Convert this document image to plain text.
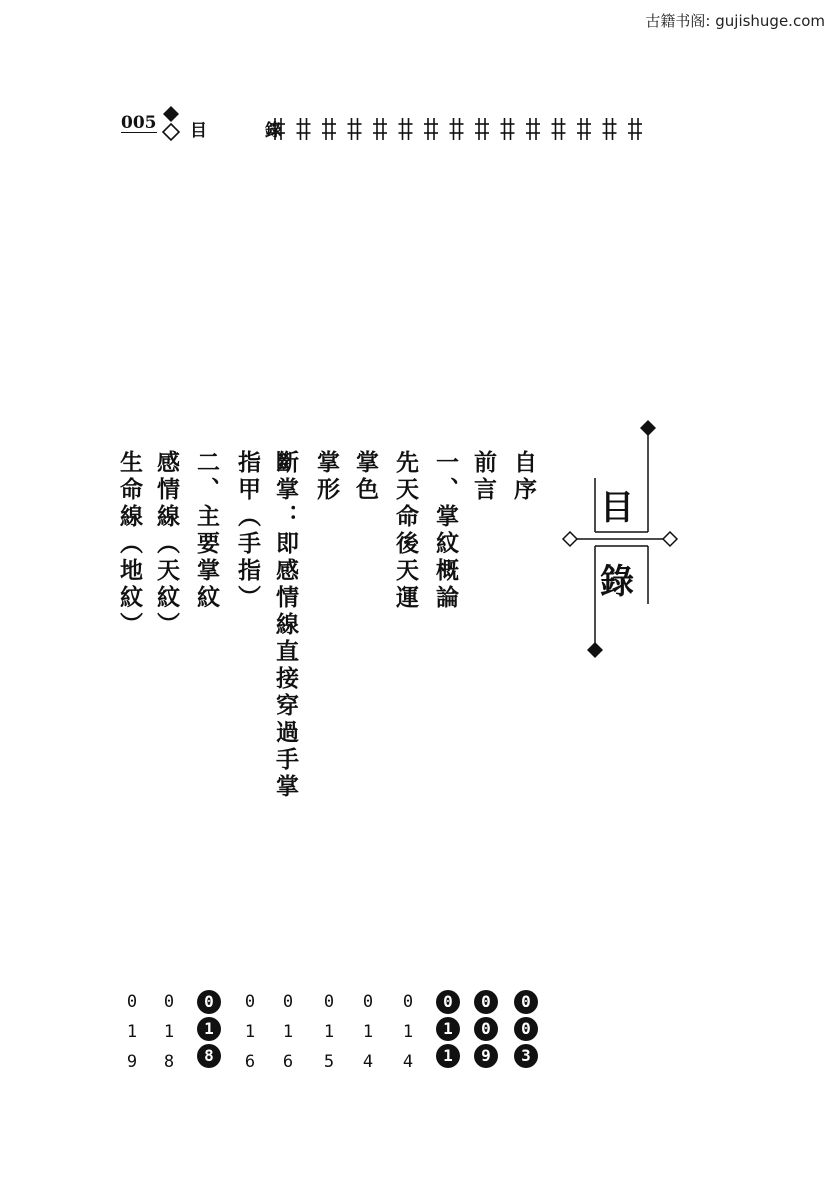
古籍书阁: gujishuge.com
005 目 錄
目
錄
自序
前言
一、掌紋概論
先天命後天運
掌色
掌形
斷掌：即感情線直接穿過手掌
指甲（手指）
二、主要掌紋
感情線（天紋）
生命線（地紋）
0
0
3
0
0
9
0
1
1
0
1
4
0
1
4
0
1
5
0
1
6
0
1
6
0
1
8
0
1
8
0
1
9
